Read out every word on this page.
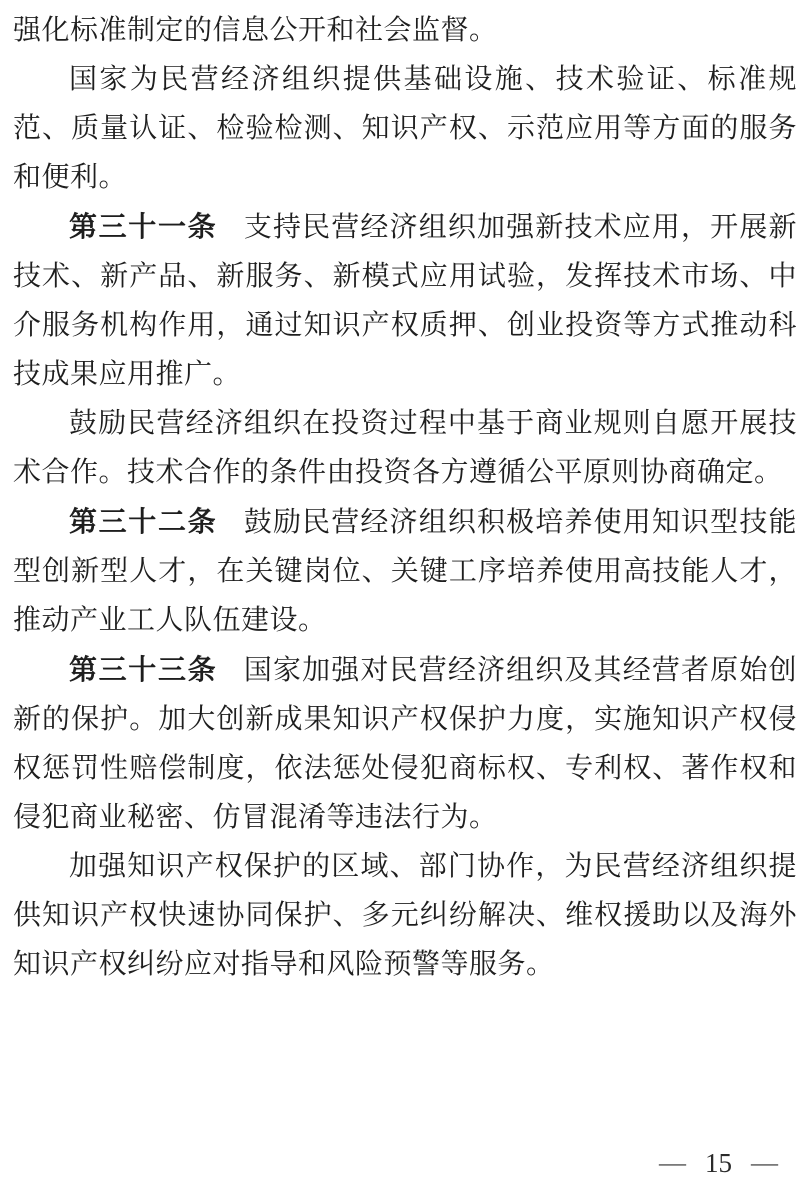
强化标准制定的信息公开和社会监督。

国家为民营经济组织提供基础设施、技术验证、标准规范、质量认证、检验检测、知识产权、示范应用等方面的服务和便利。

第三十一条 支持民营经济组织加强新技术应用，开展新技术、新产品、新服务、新模式应用试验，发挥技术市场、中介服务机构作用，通过知识产权质押、创业投资等方式推动科技成果应用推广。

鼓励民营经济组织在投资过程中基于商业规则自愿开展技术合作。技术合作的条件由投资各方遵循公平原则协商确定。

第三十二条 鼓励民营经济组织积极培养使用知识型技能型创新型人才，在关键岗位、关键工序培养使用高技能人才，推动产业工人队伍建设。

第三十三条 国家加强对民营经济组织及其经营者原始创新的保护。加大创新成果知识产权保护力度，实施知识产权侵权惩罚性赔偿制度，依法惩处侵犯商标权、专利权、著作权和侵犯商业秘密、仿冒混淆等违法行为。

加强知识产权保护的区域、部门协作，为民营经济组织提供知识产权快速协同保护、多元纠纷解决、维权援助以及海外知识产权纠纷应对指导和风险预警等服务。

— 15 —
